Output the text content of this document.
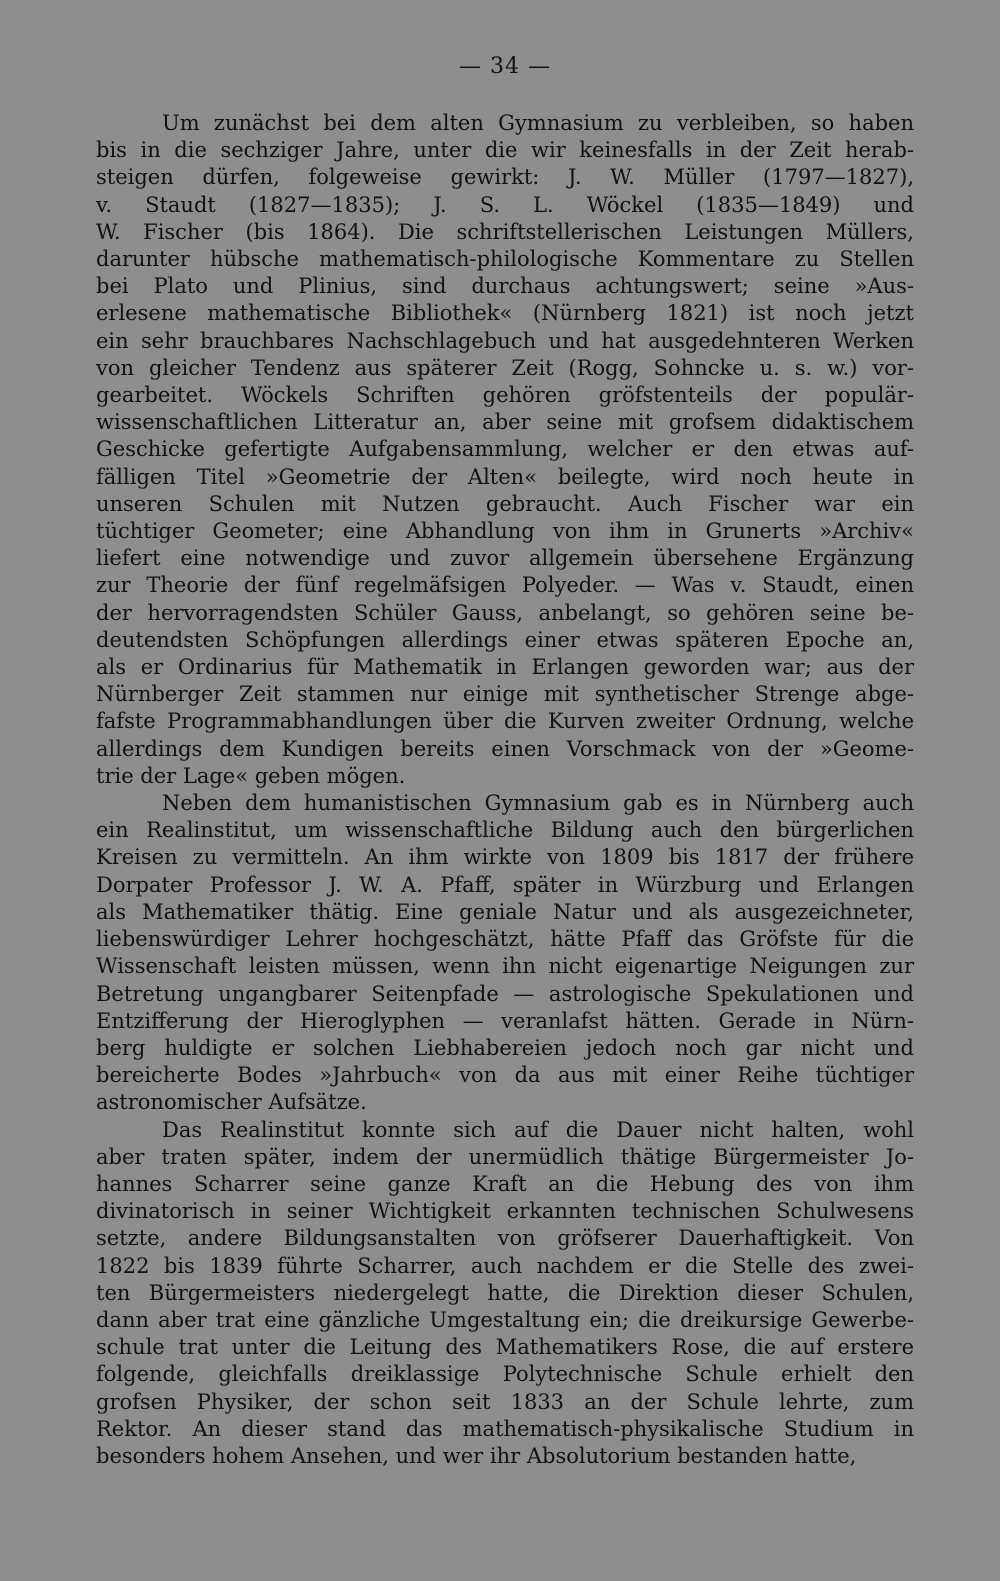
— 34 —

Um zunächst bei dem alten Gymnasium zu verbleiben, so haben
bis in die sechziger Jahre, unter die wir keinesfalls in der Zeit herab-
steigen dürfen, folgeweise gewirkt: J. W. Müller (1797—1827),
v. Staudt (1827—1835); J. S. L. Wöckel (1835—1849) und
W. Fischer (bis 1864). Die schriftstellerischen Leistungen Müllers,
darunter hübsche mathematisch-philologische Kommentare zu Stellen
bei Plato und Plinius, sind durchaus achtungswert; seine »Aus-
erlesene mathematische Bibliothek« (Nürnberg 1821) ist noch jetzt
ein sehr brauchbares Nachschlagebuch und hat ausgedehnteren Werken
von gleicher Tendenz aus späterer Zeit (Rogg, Sohncke u. s. w.) vor-
gearbeitet. Wöckels Schriften gehören gröfstenteils der populär-
wissenschaftlichen Litteratur an, aber seine mit grofsem didaktischem
Geschicke gefertigte Aufgabensammlung, welcher er den etwas auf-
fälligen Titel »Geometrie der Alten« beilegte, wird noch heute in
unseren Schulen mit Nutzen gebraucht. Auch Fischer war ein
tüchtiger Geometer; eine Abhandlung von ihm in Grunerts »Archiv«
liefert eine notwendige und zuvor allgemein übersehene Ergänzung
zur Theorie der fünf regelmäfsigen Polyeder. — Was v. Staudt, einen
der hervorragendsten Schüler Gauss, anbelangt, so gehören seine be-
deutendsten Schöpfungen allerdings einer etwas späteren Epoche an,
als er Ordinarius für Mathematik in Erlangen geworden war; aus der
Nürnberger Zeit stammen nur einige mit synthetischer Strenge abge-
fafste Programmabhandlungen über die Kurven zweiter Ordnung, welche
allerdings dem Kundigen bereits einen Vorschmack von der »Geome-
trie der Lage« geben mögen.

Neben dem humanistischen Gymnasium gab es in Nürnberg auch
ein Realinstitut, um wissenschaftliche Bildung auch den bürgerlichen
Kreisen zu vermitteln. An ihm wirkte von 1809 bis 1817 der frühere
Dorpater Professor J. W. A. Pfaff, später in Würzburg und Erlangen
als Mathematiker thätig. Eine geniale Natur und als ausgezeichneter,
liebenswürdiger Lehrer hochgeschätzt, hätte Pfaff das Gröfste für die
Wissenschaft leisten müssen, wenn ihn nicht eigenartige Neigungen zur
Betretung ungangbarer Seitenpfade — astrologische Spekulationen und
Entzifferung der Hieroglyphen — veranlafst hätten. Gerade in Nürn-
berg huldigte er solchen Liebhabereien jedoch noch gar nicht und
bereicherte Bodes »Jahrbuch« von da aus mit einer Reihe tüchtiger
astronomischer Aufsätze.

Das Realinstitut konnte sich auf die Dauer nicht halten, wohl
aber traten später, indem der unermüdlich thätige Bürgermeister Jo-
hannes Scharrer seine ganze Kraft an die Hebung des von ihm
divinatorisch in seiner Wichtigkeit erkannten technischen Schulwesens
setzte, andere Bildungsanstalten von gröfserer Dauerhaftigkeit. Von
1822 bis 1839 führte Scharrer, auch nachdem er die Stelle des zwei-
ten Bürgermeisters niedergelegt hatte, die Direktion dieser Schulen,
dann aber trat eine gänzliche Umgestaltung ein; die dreikursige Gewerbe-
schule trat unter die Leitung des Mathematikers Rose, die auf erstere
folgende, gleichfalls dreiklassige Polytechnische Schule erhielt den
grofsen Physiker, der schon seit 1833 an der Schule lehrte, zum
Rektor. An dieser stand das mathematisch-physikalische Studium in
besonders hohem Ansehen, und wer ihr Absolutorium bestanden hatte,
